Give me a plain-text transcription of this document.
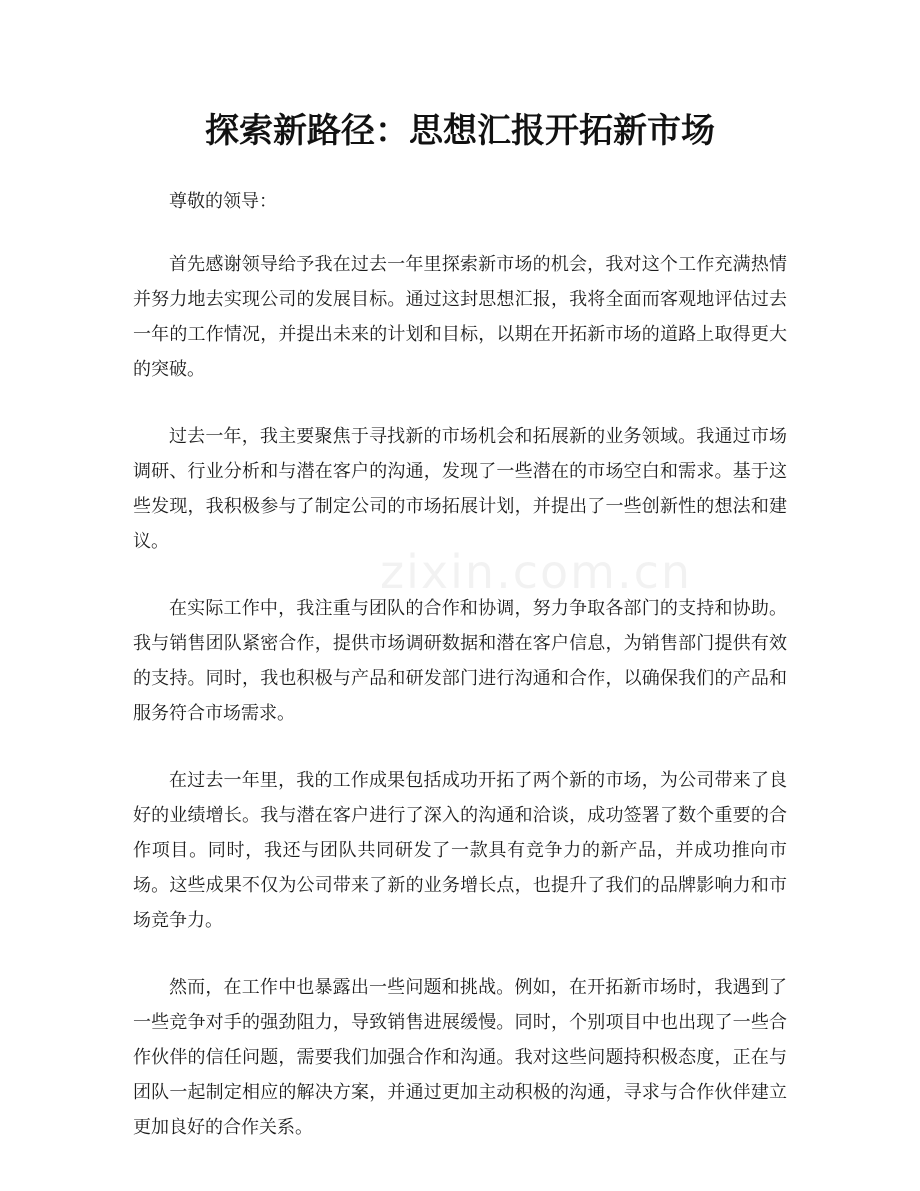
zixin.com.cn
探索新路径：思想汇报开拓新市场

尊敬的领导：

首先感谢领导给予我在过去一年里探索新市场的机会，我对这个工作充满热情并努力地去实现公司的发展目标。通过这封思想汇报，我将全面而客观地评估过去一年的工作情况，并提出未来的计划和目标，以期在开拓新市场的道路上取得更大的突破。

过去一年，我主要聚焦于寻找新的市场机会和拓展新的业务领域。我通过市场调研、行业分析和与潜在客户的沟通，发现了一些潜在的市场空白和需求。基于这些发现，我积极参与了制定公司的市场拓展计划，并提出了一些创新性的想法和建议。

在实际工作中，我注重与团队的合作和协调，努力争取各部门的支持和协助。我与销售团队紧密合作，提供市场调研数据和潜在客户信息，为销售部门提供有效的支持。同时，我也积极与产品和研发部门进行沟通和合作，以确保我们的产品和服务符合市场需求。

在过去一年里，我的工作成果包括成功开拓了两个新的市场，为公司带来了良好的业绩增长。我与潜在客户进行了深入的沟通和洽谈，成功签署了数个重要的合作项目。同时，我还与团队共同研发了一款具有竞争力的新产品，并成功推向市场。这些成果不仅为公司带来了新的业务增长点，也提升了我们的品牌影响力和市场竞争力。

然而，在工作中也暴露出一些问题和挑战。例如，在开拓新市场时，我遇到了一些竞争对手的强劲阻力，导致销售进展缓慢。同时，个别项目中也出现了一些合作伙伴的信任问题，需要我们加强合作和沟通。我对这些问题持积极态度，正在与团队一起制定相应的解决方案，并通过更加主动积极的沟通，寻求与合作伙伴建立更加良好的合作关系。
